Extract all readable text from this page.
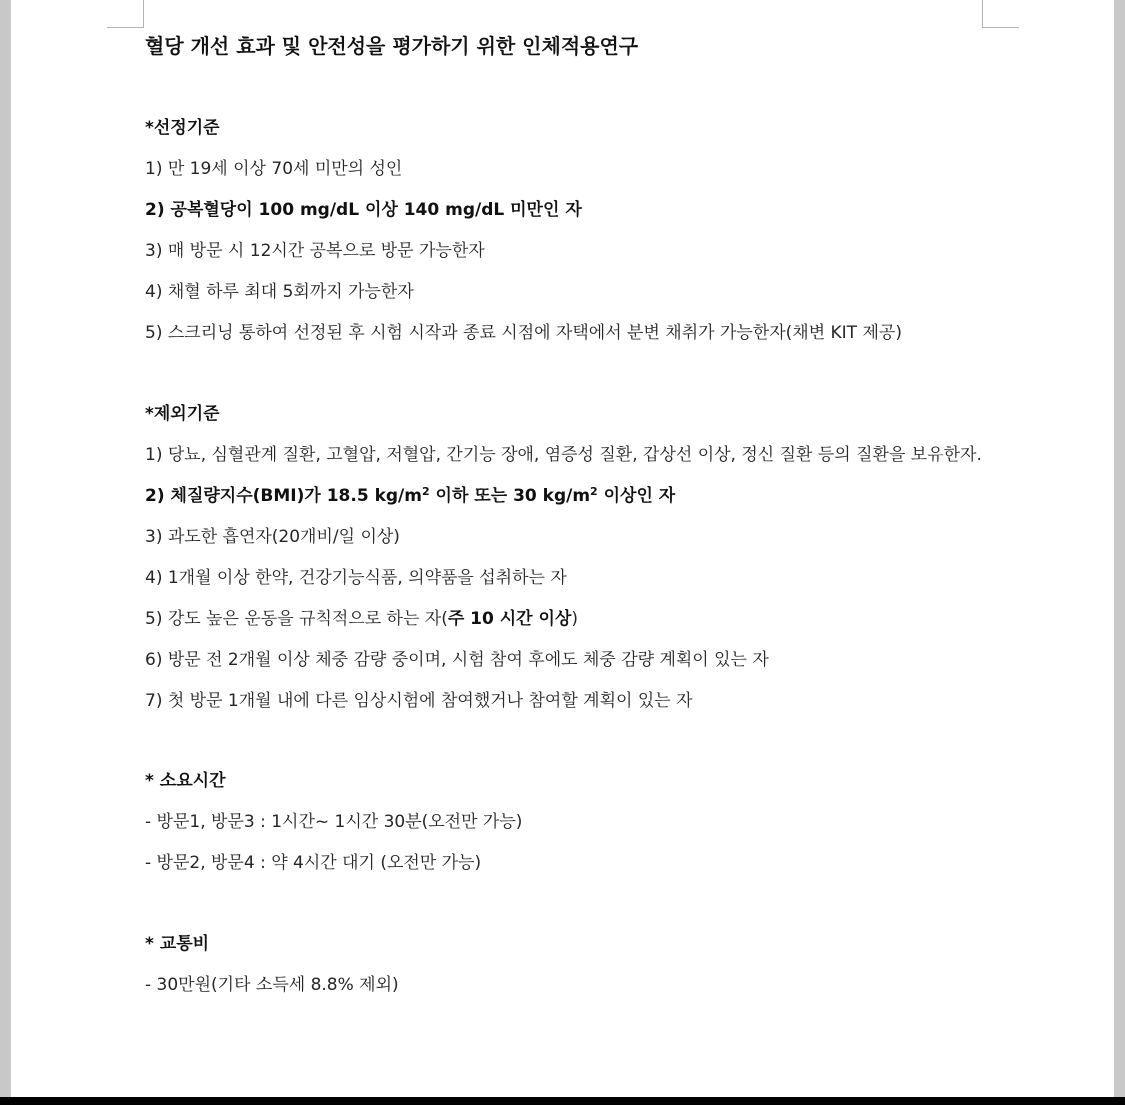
혈당 개선 효과 및 안전성을 평가하기 위한 인체적용연구

*선정기준

1) 만 19세 이상 70세 미만의 성인

2) 공복혈당이 100 mg/dL 이상 140 mg/dL 미만인 자

3) 매 방문 시 12시간 공복으로 방문 가능한자

4) 채혈 하루 최대 5회까지 가능한자

5) 스크리닝 통하여 선정된 후 시험 시작과 종료 시점에 자택에서 분변 채취가 가능한자(채변 KIT 제공)

*제외기준

1) 당뇨, 심혈관계 질환, 고혈압, 저혈압, 간기능 장애, 염증성 질환, 갑상선 이상, 정신 질환 등의 질환을 보유한자.

2) 체질량지수(BMI)가 18.5 $kg/m^2$ 이하 또는 30 $kg/m^2$ 이상인 자

3) 과도한 흡연자(20개비/일 이상)

4) 1개월 이상 한약, 건강기능식품, 의약품을 섭취하는 자

5) 강도 높은 운동을 규칙적으로 하는 자(주 10 시간 이상)

6) 방문 전 2개월 이상 체중 감량 중이며, 시험 참여 후에도 체중 감량 계획이 있는 자

7) 첫 방문 1개월 내에 다른 임상시험에 참여했거나 참여할 계획이 있는 자

* 소요시간

- 방문1, 방문3 : 1시간~ 1시간 30분(오전만 가능)

- 방문2, 방문4 : 약 4시간 대기 (오전만 가능)

* 교통비

- 30만원(기타 소득세 8.8% 제외)
